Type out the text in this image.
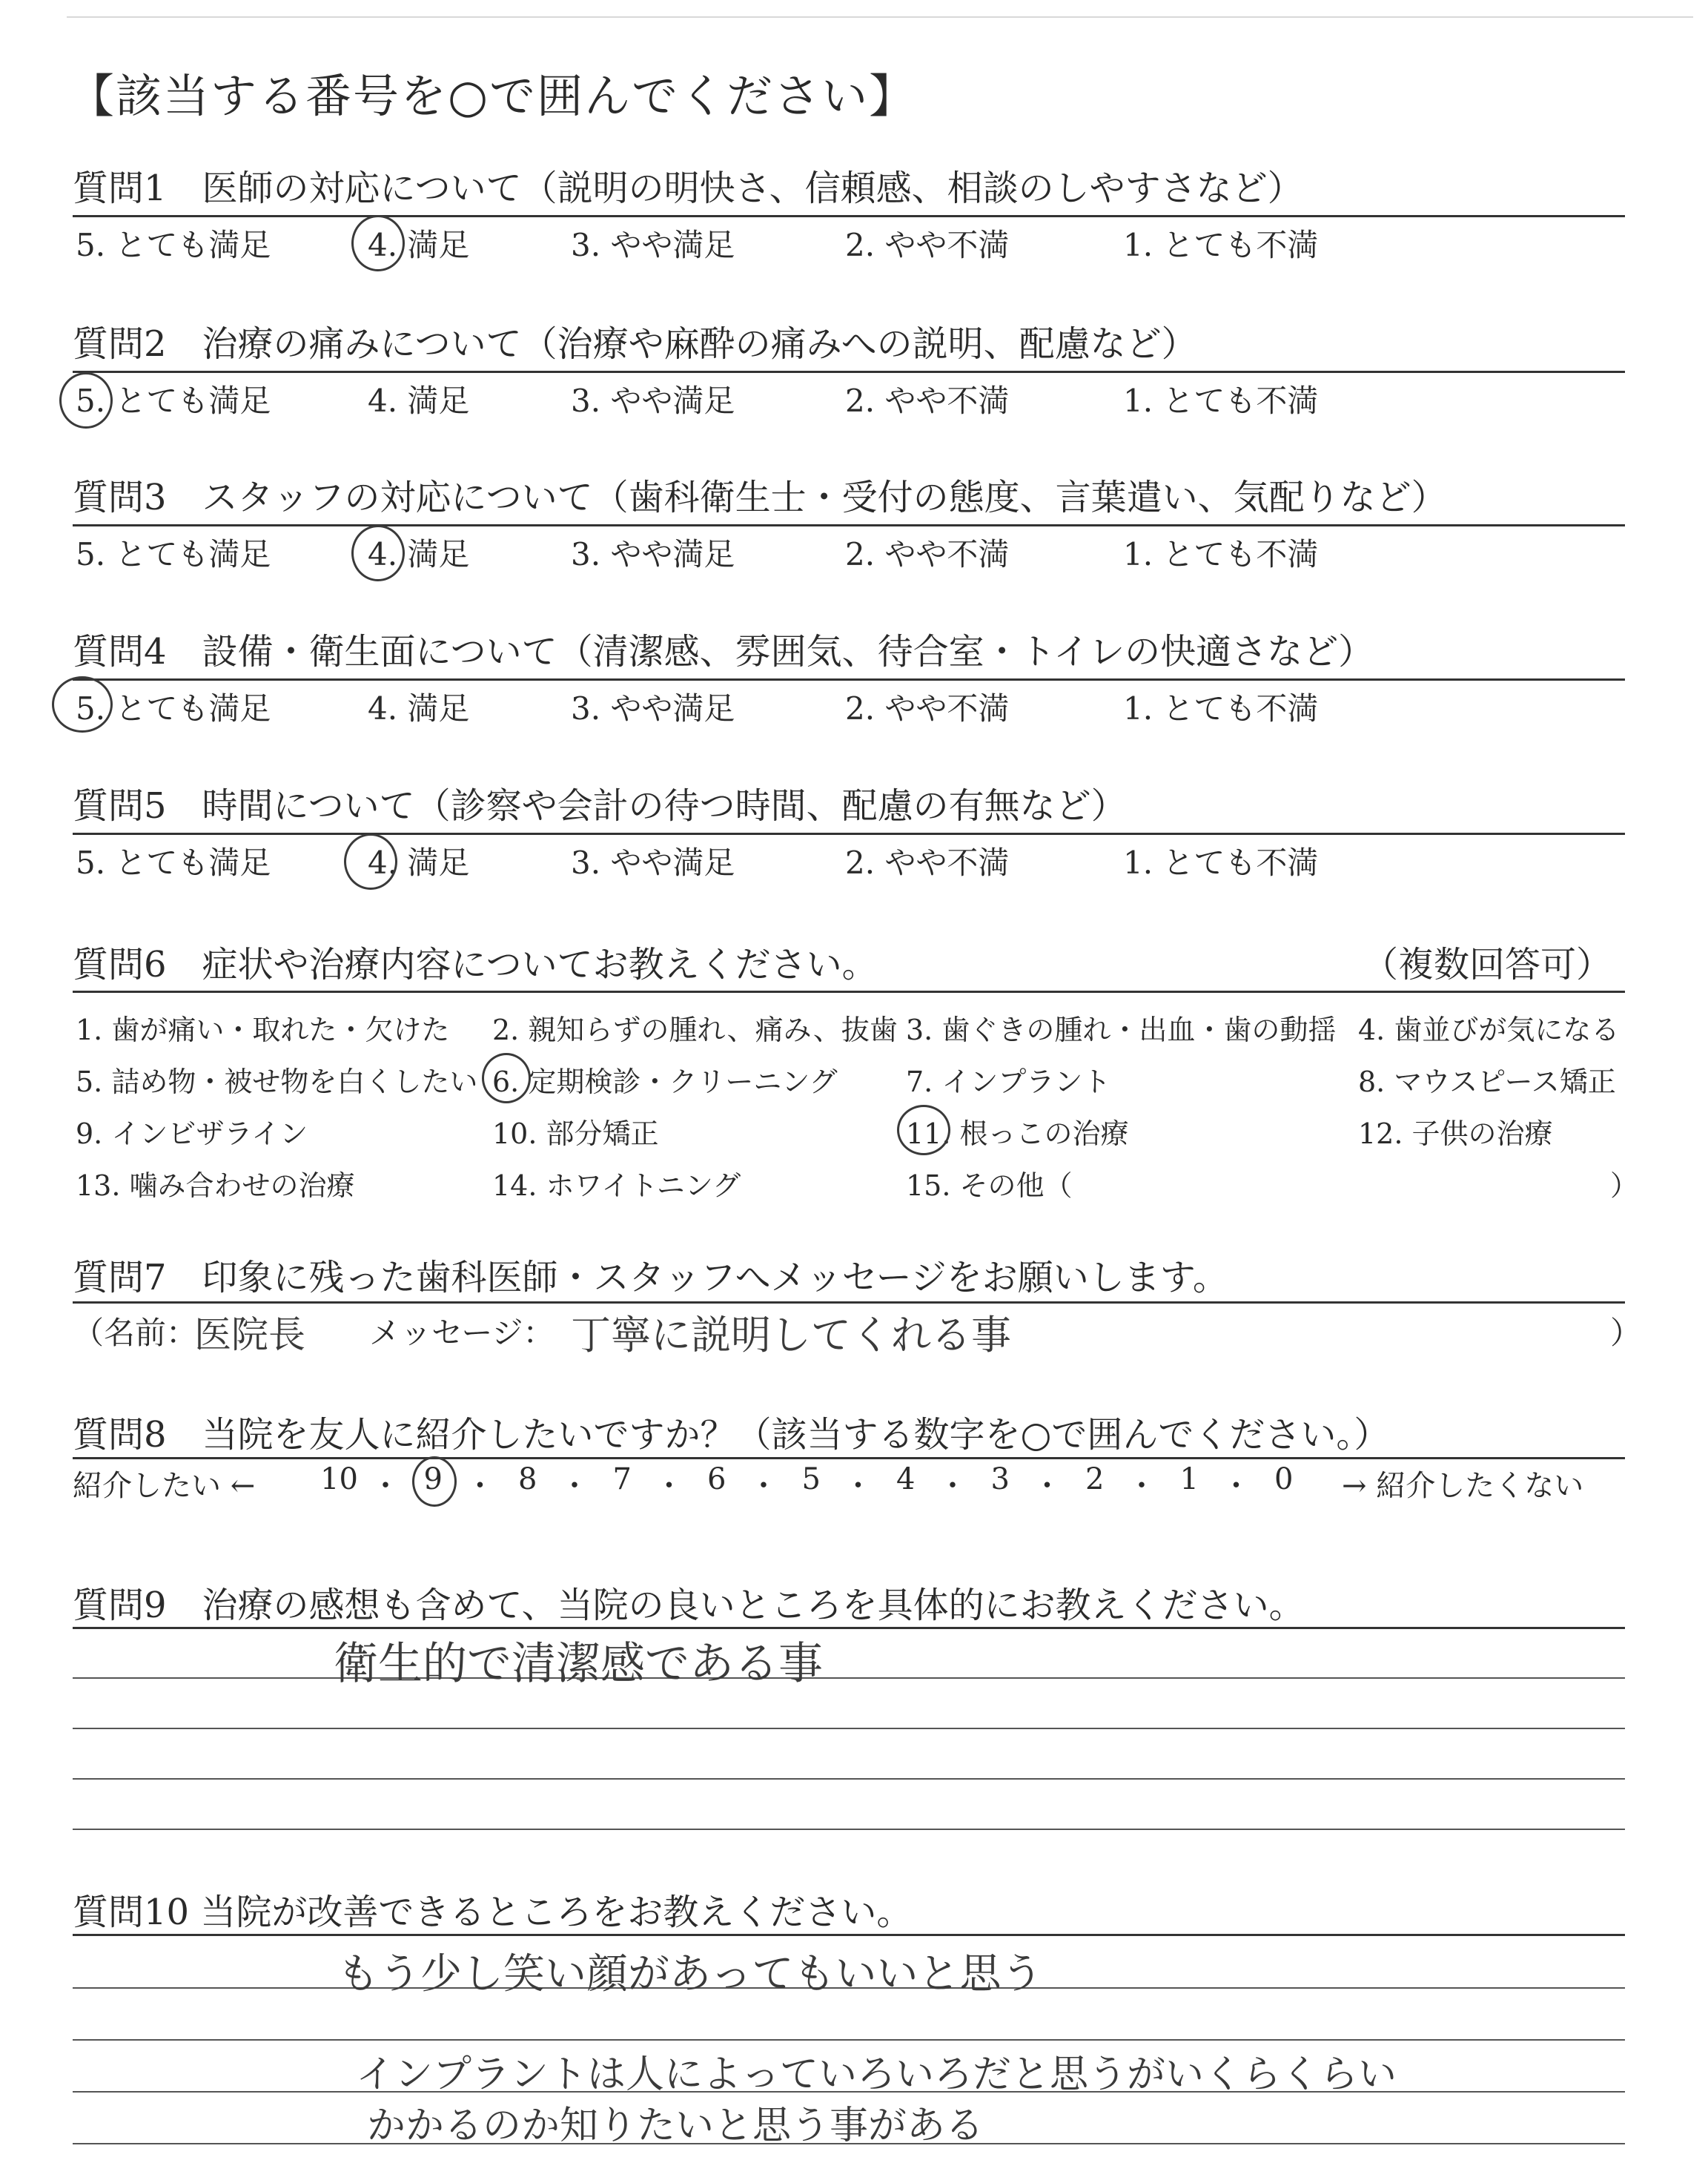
【該当する番号を○で囲んでください】
質問1　医師の対応について（説明の明快さ、信頼感、相談のしやすさなど）
5. とても満足	4. 満足	3. やや満足	2. やや不満	1. とても不満
質問2　治療の痛みについて（治療や麻酔の痛みへの説明、配慮など）
5. とても満足	4. 満足	3. やや満足	2. やや不満	1. とても不満
質問3　スタッフの対応について（歯科衛生士・受付の態度、言葉遣い、気配りなど）
5. とても満足	4. 満足	3. やや満足	2. やや不満	1. とても不満
質問4　設備・衛生面について（清潔感、雰囲気、待合室・トイレの快適さなど）
5. とても満足	4. 満足	3. やや満足	2. やや不満	1. とても不満
質問5　時間について（診察や会計の待つ時間、配慮の有無など）
5. とても満足	4. 満足	3. やや満足	2. やや不満	1. とても不満
質問6　症状や治療内容についてお教えください。	（複数回答可）
1. 歯が痛い・取れた・欠けた 2. 親知らずの腫れ、痛み、抜歯 3. 歯ぐきの腫れ・出血・歯の動揺 4. 歯並びが気になる
5. 詰め物・被せ物を白くしたい 6. 定期検診・クリーニング 7. インプラント	8. マウスピース矯正
9. インビザライン	10. 部分矯正	11. 根っこの治療	12. 子供の治療
13. 噛み合わせの治療	14. ホワイトニング	15. その他（	）
質問7　印象に残った歯科医師・スタッフへメッセージをお願いします。
（名前：
医院長 メッセージ： 丁寧に説明してくれる事	）
質問8　当院を友人に紹介したいですか？（該当する数字を○で囲んでください。）
紹介したい ←	→ 紹介したくない
10 ・ 9 ・ 8 ・ 7 ・ 6 ・ 5 ・ 4 ・ 3 ・ 2 ・ 1 ・ 0
質問9　治療の感想も含めて、当院の良いところを具体的にお教えください。
衛生的で清潔感である事
質問10 当院が改善できるところをお教えください。
もう少し笑い顔があってもいいと思う
インプラントは人によっていろいろだと思うがいくらくらい
かかるのか知りたいと思う事がある
